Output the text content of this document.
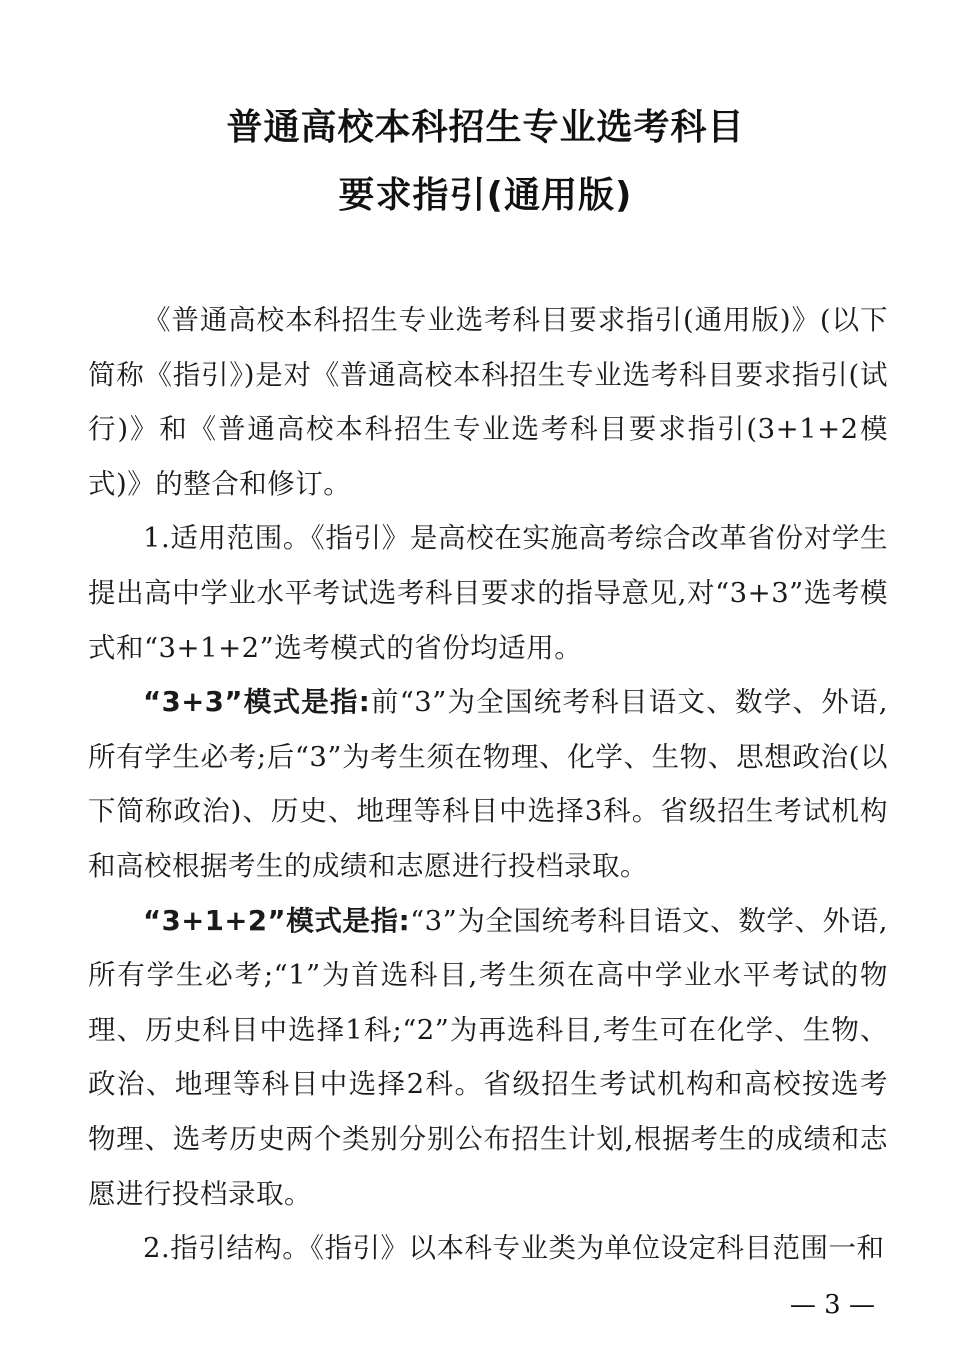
普通高校本科招生专业选考科目
要求指引(通用版)

《普通高校本科招生专业选考科目要求指引(通用版)》(以下简称《指引》)是对《普通高校本科招生专业选考科目要求指引(试行)》和《普通高校本科招生专业选考科目要求指引(3+1+2模式)》的整合和修订。

1.适用范围。《指引》是高校在实施高考综合改革省份对学生提出高中学业水平考试选考科目要求的指导意见,对“3+3”选考模式和“3+1+2”选考模式的省份均适用。

“3+3”模式是指:前“3”为全国统考科目语文、数学、外语,所有学生必考;后“3”为考生须在物理、化学、生物、思想政治(以下简称政治)、历史、地理等科目中选择3科。省级招生考试机构和高校根据考生的成绩和志愿进行投档录取。

“3+1+2”模式是指:“3”为全国统考科目语文、数学、外语,所有学生必考;“1”为首选科目,考生须在高中学业水平考试的物理、历史科目中选择1科;“2”为再选科目,考生可在化学、生物、政治、地理等科目中选择2科。省级招生考试机构和高校按选考物理、选考历史两个类别分别公布招生计划,根据考生的成绩和志愿进行投档录取。

2.指引结构。《指引》以本科专业类为单位设定科目范围一和

— 3 —
